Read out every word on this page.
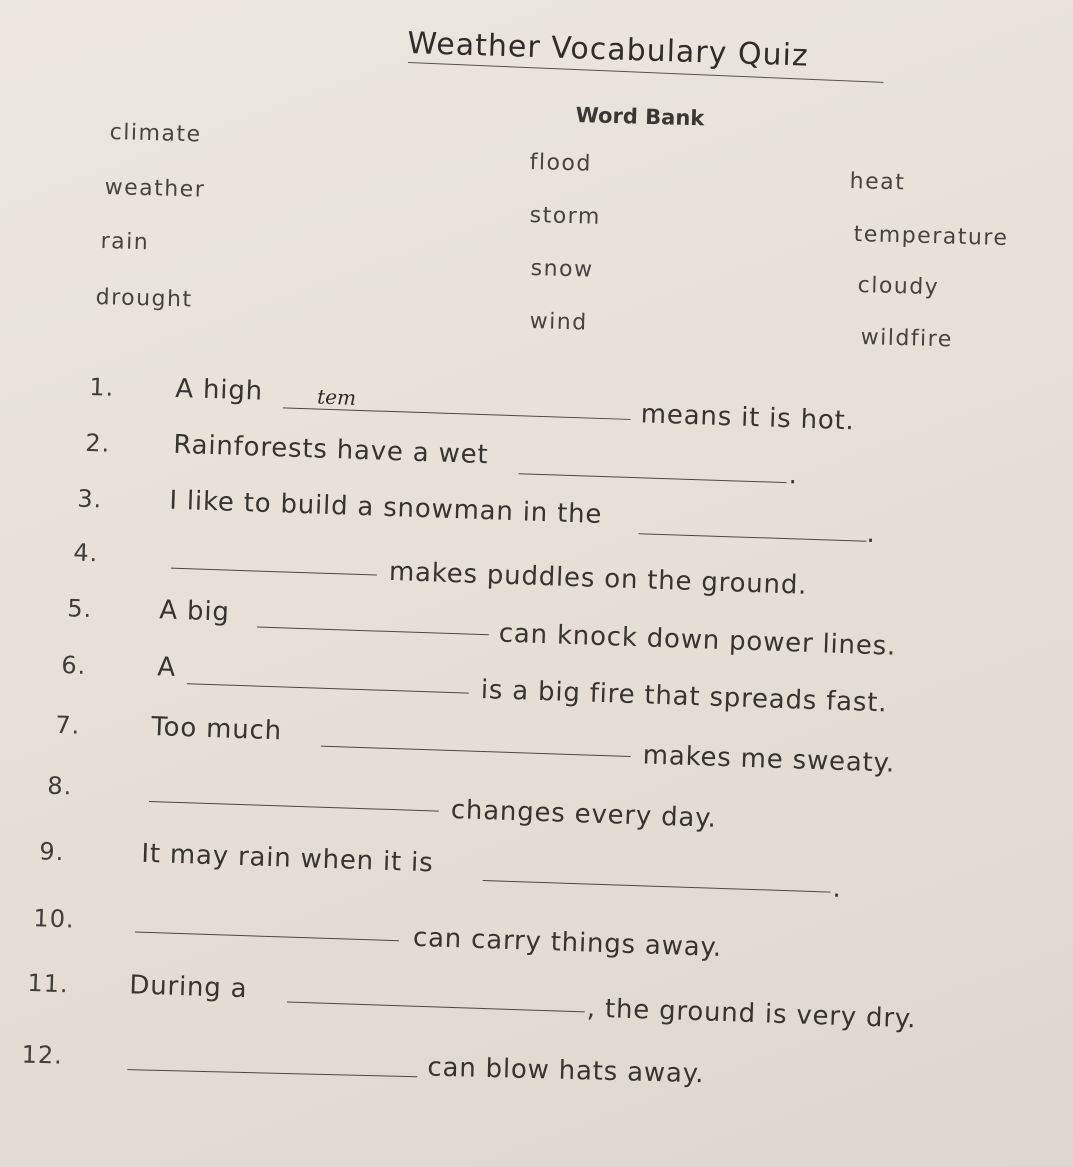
Weather Vocabulary Quiz
Word Bank
climate
weather
rain
drought
flood
storm
snow
wind
heat
temperature
cloudy
wildfire
1. A high	tem
means it is hot.
2. Rainforests have a wet
.
3.	I like to build a snowman in the
.
4.
makes puddles on the ground.
5.	A big
can knock down power lines.
6.	A
is a big fire that spreads fast.
7.	Too much
makes me sweaty.
8.
changes every day.
9.	It may rain when it is
.
10.
can carry things away.
11. During a
, the ground is very dry.
12.	can blow hats away.
